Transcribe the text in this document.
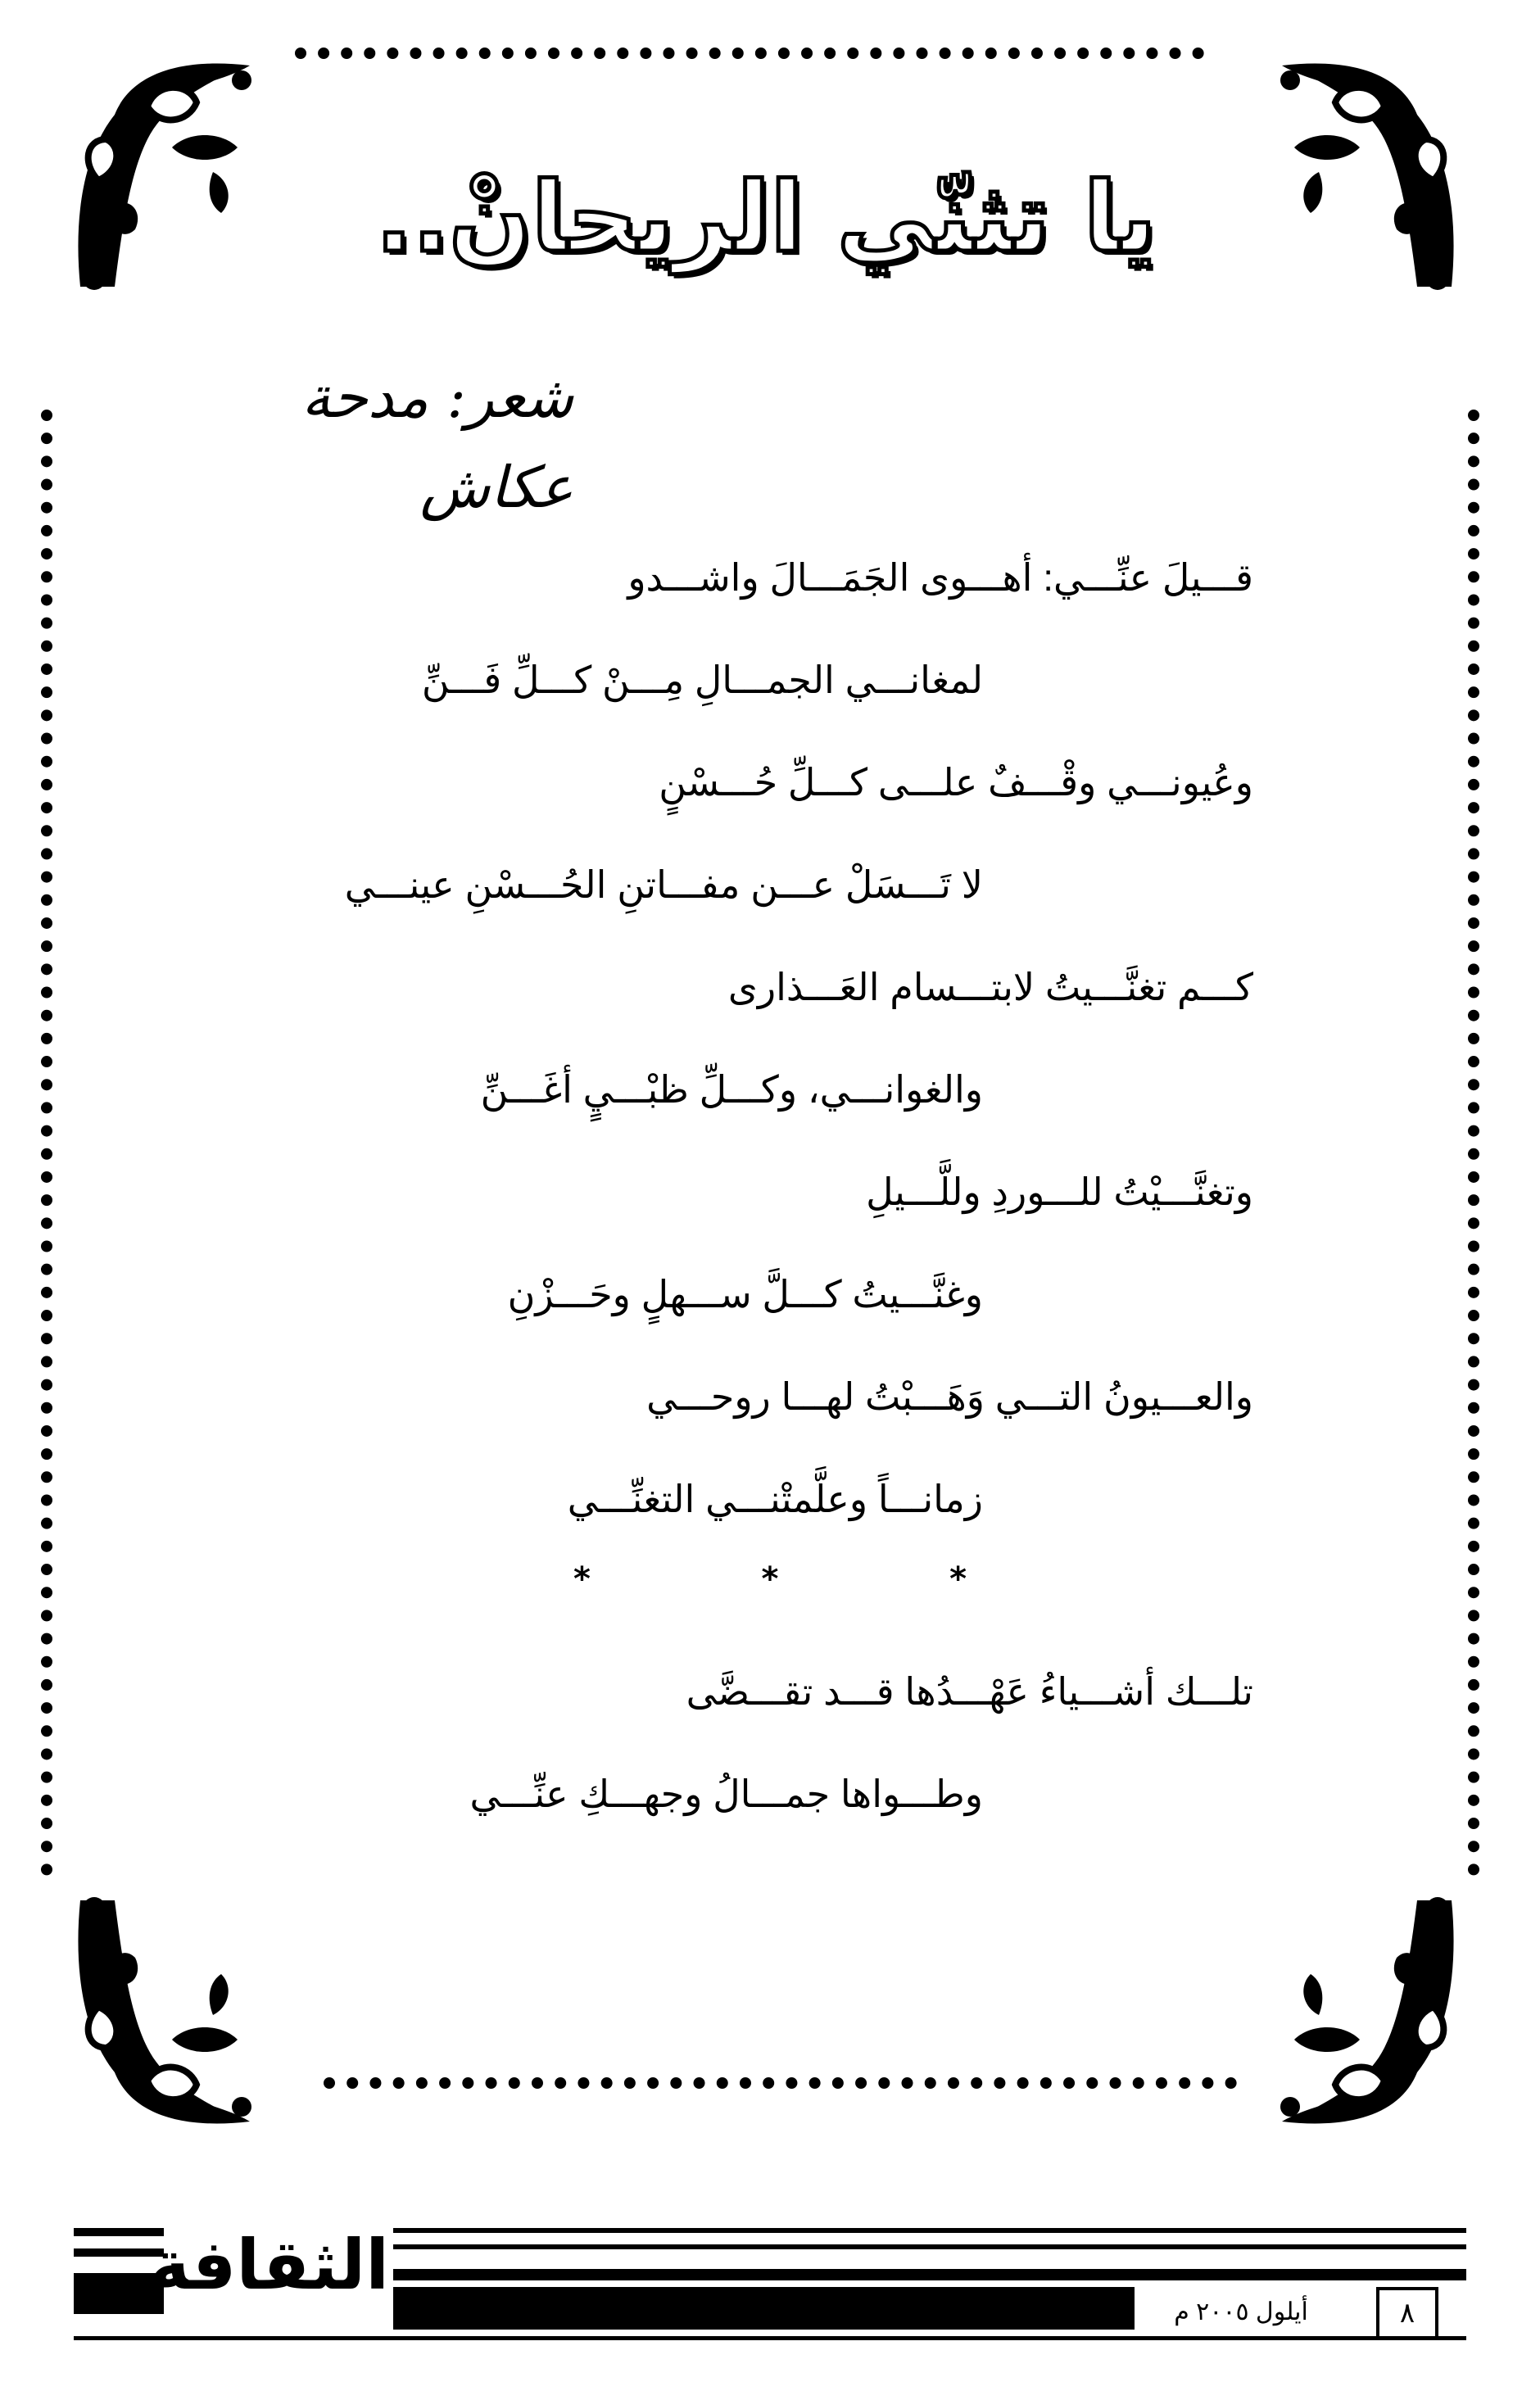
يا تثنّي الريحانْ..
شعر: مدحة عكاش
قـــيلَ عنِّـــي: أهـــوى الجَمَـــالَ واشـــدو
لمغانـــي الجمـــالِ مِـــنْ كـــلِّ فَـــنِّ
وعُيونـــي وقْـــفٌ علـــى كـــلِّ حُـــسْنٍ
لا تَـــسَلْ عـــن مفـــاتنِ الحُـــسْنِ عينـــي
كـــم تغنَّـــيتُ لابتـــسام العَـــذارى
والغوانـــي، وكـــلِّ ظبْـــيٍ أغَـــنِّ
وتغنَّـــيْتُ للـــوردِ وللَّـــيلِ
وغنَّـــيتُ كـــلَّ ســـهلٍ وحَـــزْنِ
والعـــيونُ التـــي وَهَـــبْتُ لهـــا روحـــي
زمانـــاً وعلَّمتْنـــي التغنِّـــي
*	*	*
تلـــك أشـــياءُ عَهْـــدُها قـــد تقـــضَّى
وطـــواها جمـــالُ وجهـــكِ عنِّـــي
الثقافة
أيلول ٢٠٠٥ م	٨
